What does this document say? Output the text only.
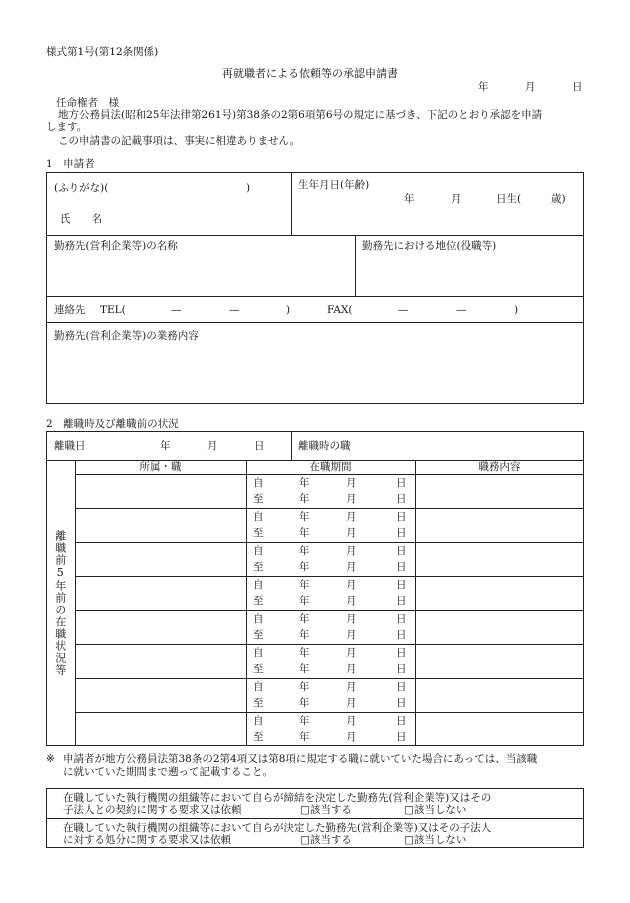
様式第1号(第12条関係)
再就職者による依頼等の承認申請書
年	月	日
任命権者　様
地方公務員法(昭和25年法律第261号)第38条の2第6項第6号の規定に基づき、下記のとおり承認を申請
します。
この申請書の記載事項は、事実に相違ありません。
1　申請者
(ふりがな)(	)
氏　　名
生年月日(年齢)
年	月	日生(	歳)
勤務先(営利企業等)の名称	勤務先における地位(役職等)
連絡先 TEL(	—	—	)	FAX(	—	—	)
勤務先(営利企業等)の業務内容
2　離職時及び離職前の状況
離職日	年	月	日	離職時の職
離職前5年前の在職状況等
所属・職	在職期間	職務内容
自	年	月	日
至	年	月	日
自	年	月	日
至	年	月	日
自	年	月	日
至	年	月	日
自	年	月	日
至	年	月	日
自	年	月	日
至	年	月	日
自	年	月	日
至	年	月	日
自	年	月	日
至	年	月	日
自	年	月	日
至	年	月	日
※ 申請者が地方公務員法第38条の2第4項又は第8項に規定する職に就いていた場合にあっては、当該職
に就いていた期間まで遡って記載すること。
在職していた執行機関の組織等において自らが締結を決定した勤務先(営利企業等)又はその
子法人との契約に関する要求又は依頼	□該当する	□該当しない
在職していた執行機関の組織等において自らが決定した勤務先(営利企業等)又はその子法人
に対する処分に関する要求又は依頼	□該当する	□該当しない
